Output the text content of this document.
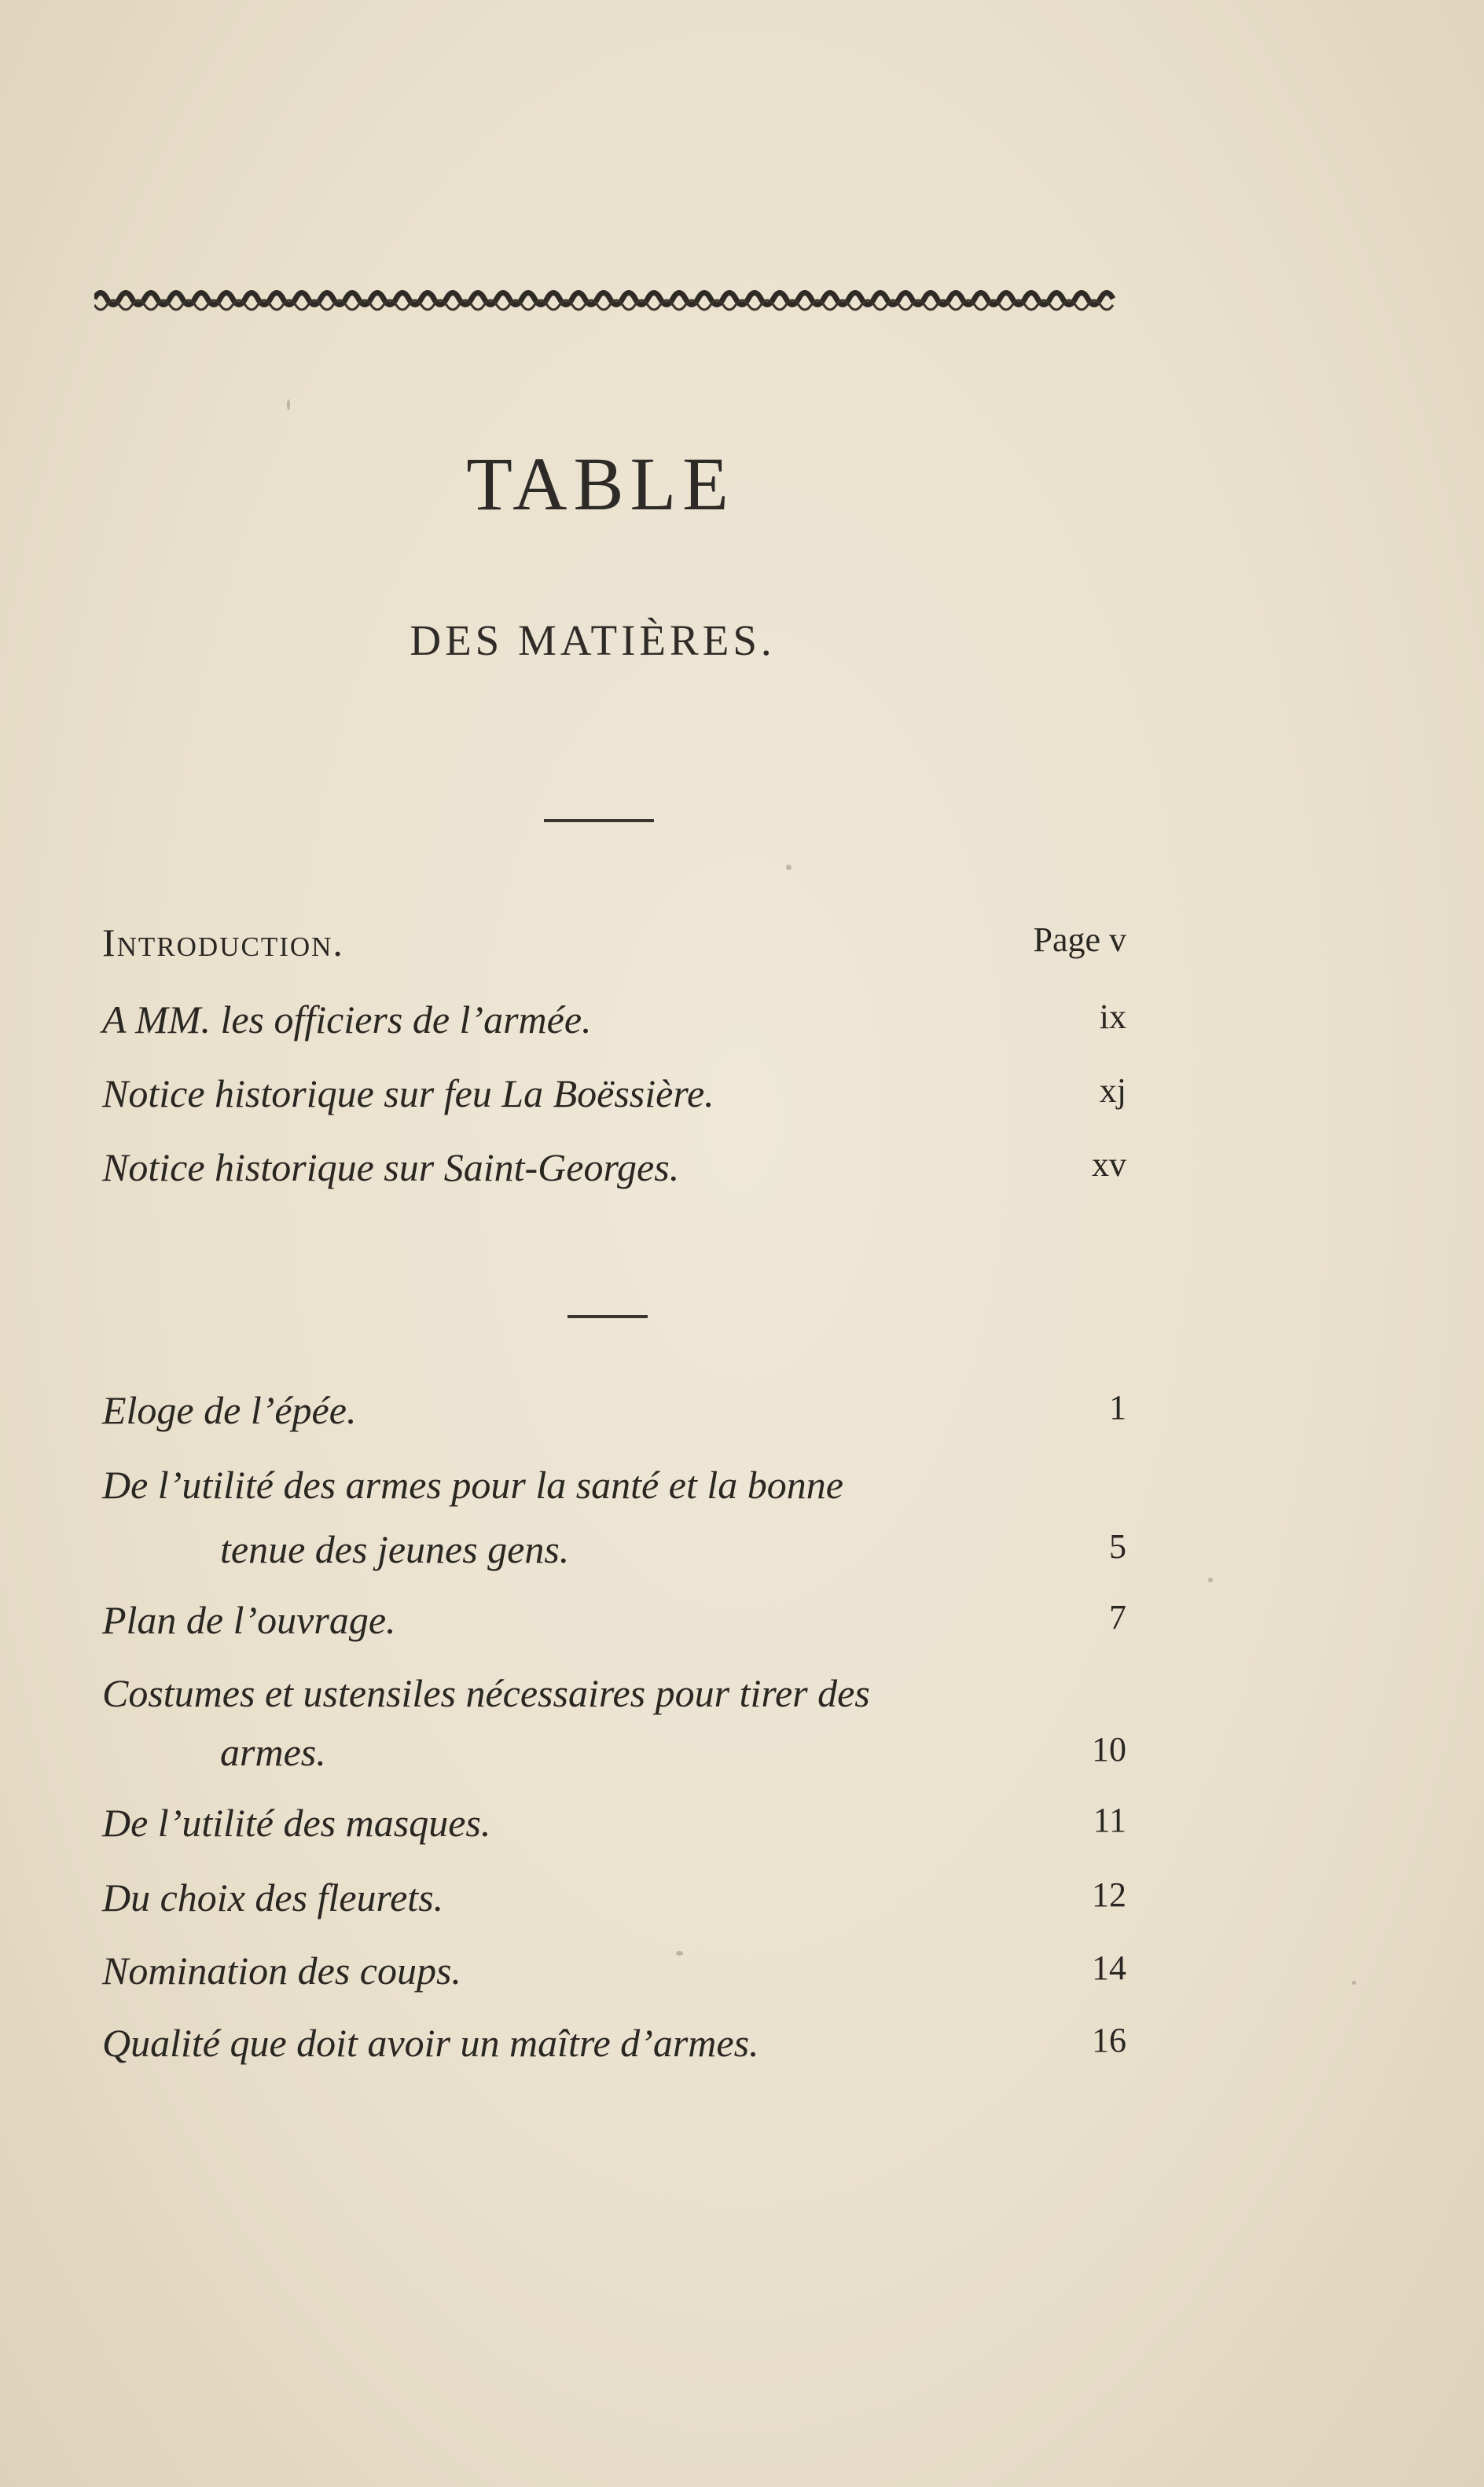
TABLE
DES MATIÈRES.
Introduction.	Page v
A MM. les officiers de l’armée.	ix
Notice historique sur feu La Boëssière.	xj
Notice historique sur Saint-Georges.	xv
Eloge de l’épée.	1
De l’utilité des armes pour la santé et la bonne
tenue des jeunes gens.	5
Plan de l’ouvrage.	7
Costumes et ustensiles nécessaires pour tirer des
armes.	10
De l’utilité des masques.	11
Du choix des fleurets.	12
Nomination des coups.	14
Qualité que doit avoir un maître d’armes.	16
